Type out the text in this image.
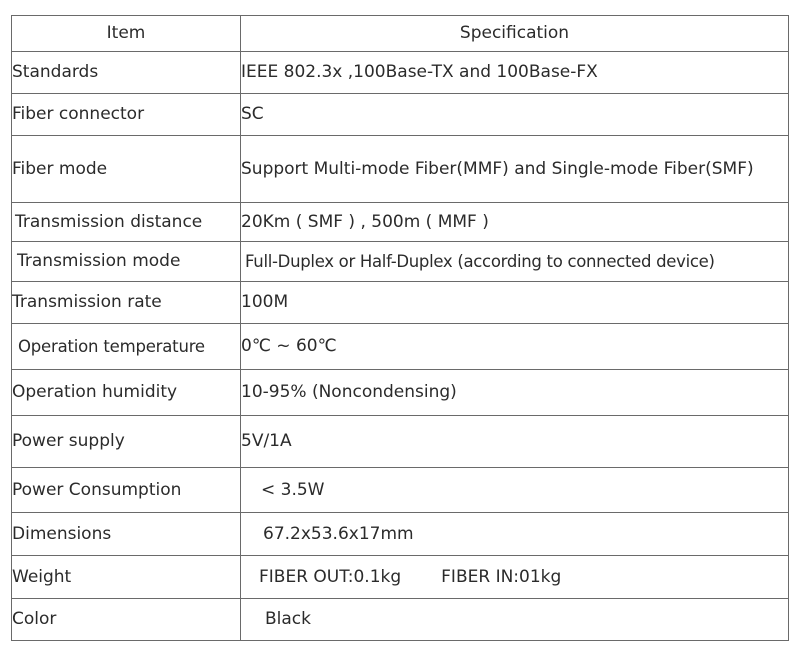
Item	Specification
Standards	IEEE 802.3x ,100Base-TX and 100Base-FX
Fiber connector	SC
Fiber mode	Support Multi-mode Fiber(MMF) and Single-mode Fiber(SMF)
Transmission distance	20Km ( SMF ) , 500m ( MMF )
Transmission mode	Full-Duplex or Half-Duplex (according to connected device)
Transmission rate	100M
Operation temperature	0℃ ~ 60℃
Operation humidity	10-95% (Noncondensing)
Power supply	5V/1A
Power Consumption	< 3.5W
Dimensions	67.2x53.6x17mm
Weight	FIBER OUT:0.1kg FIBER IN:01kg
Color	Black
